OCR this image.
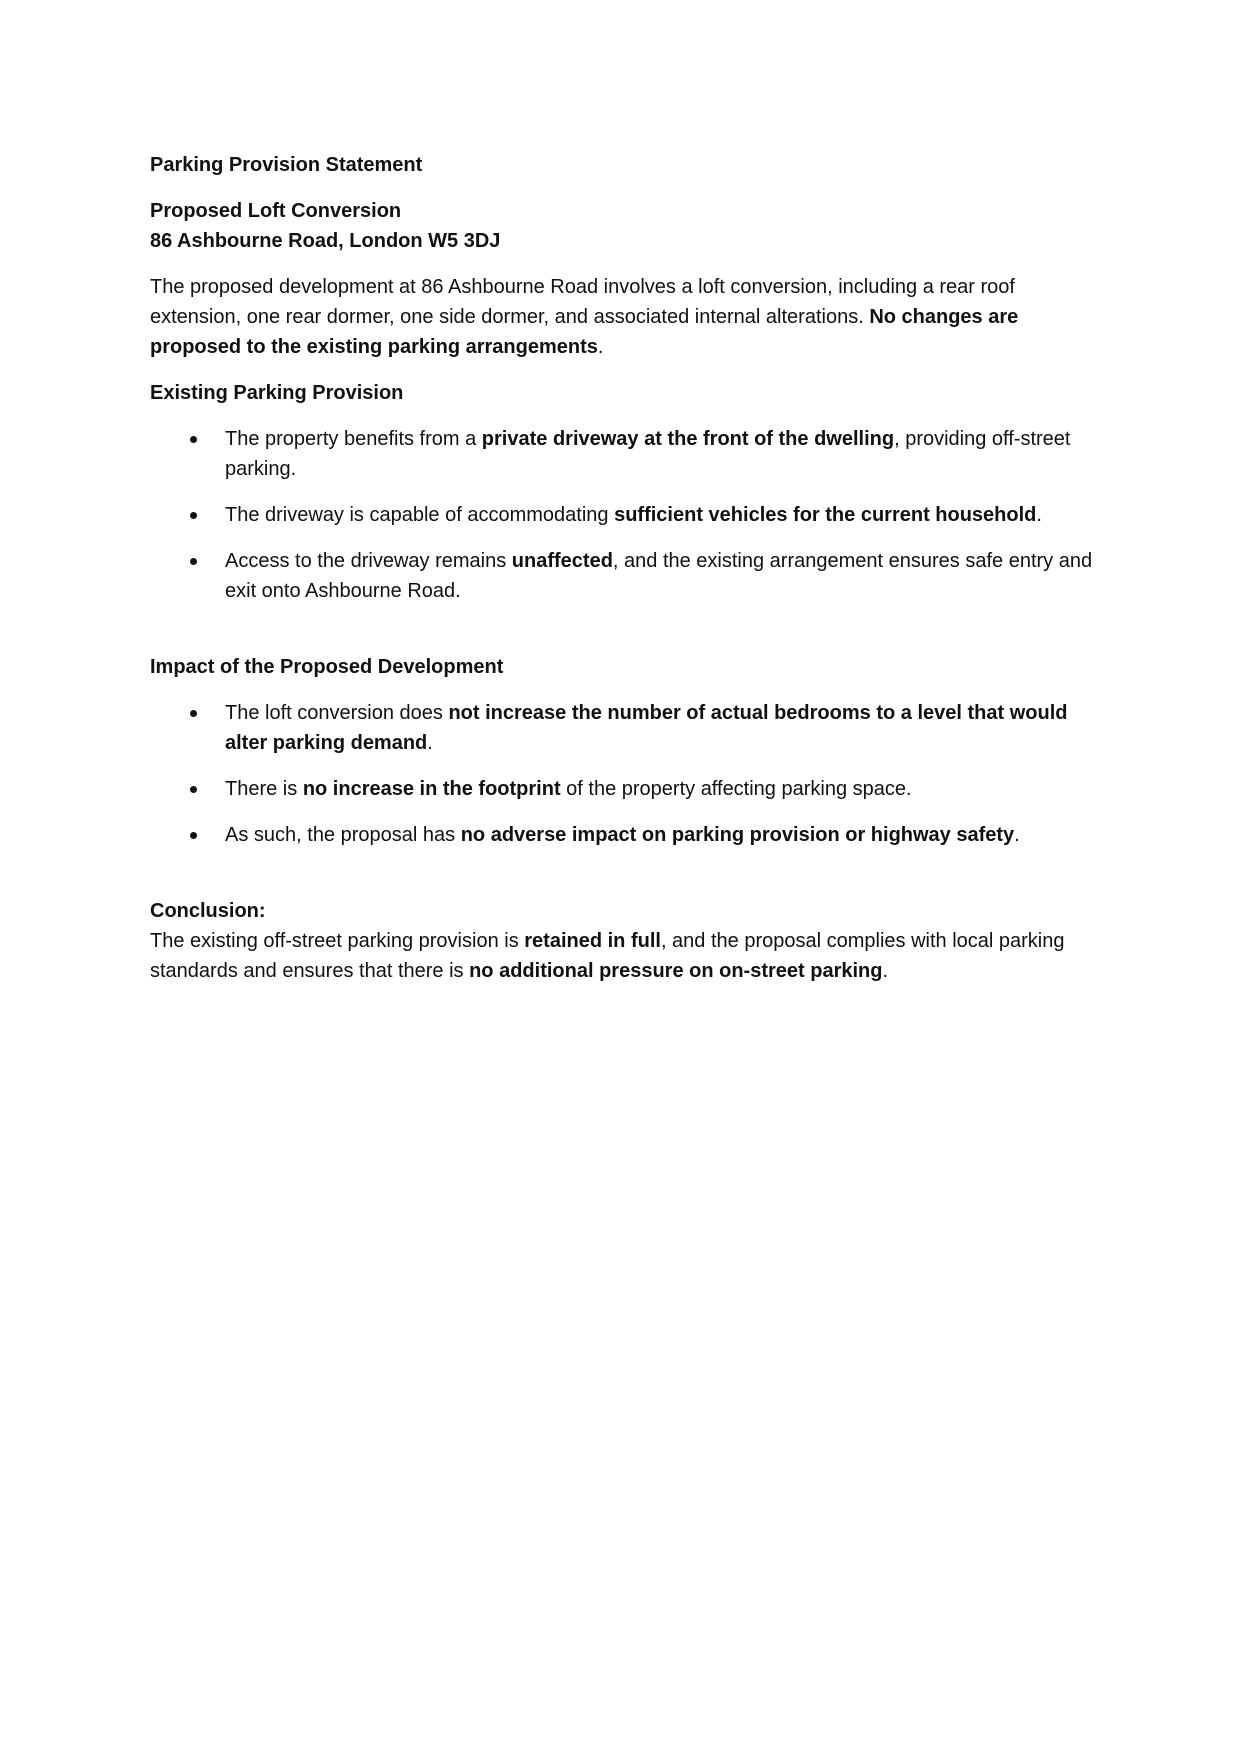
Parking Provision Statement

Proposed Loft Conversion
86 Ashbourne Road, London W5 3DJ

The proposed development at 86 Ashbourne Road involves a loft conversion, including a rear roof extension, one rear dormer, one side dormer, and associated internal alterations. No changes are proposed to the existing parking arrangements.

Existing Parking Provision

The property benefits from a private driveway at the front of the dwelling, providing off-street parking.
The driveway is capable of accommodating sufficient vehicles for the current household.
Access to the driveway remains unaffected, and the existing arrangement ensures safe entry and exit onto Ashbourne Road.

Impact of the Proposed Development

The loft conversion does not increase the number of actual bedrooms to a level that would alter parking demand.
There is no increase in the footprint of the property affecting parking space.
As such, the proposal has no adverse impact on parking provision or highway safety.

Conclusion:

The existing off-street parking provision is retained in full, and the proposal complies with local parking standards and ensures that there is no additional pressure on on-street parking.
